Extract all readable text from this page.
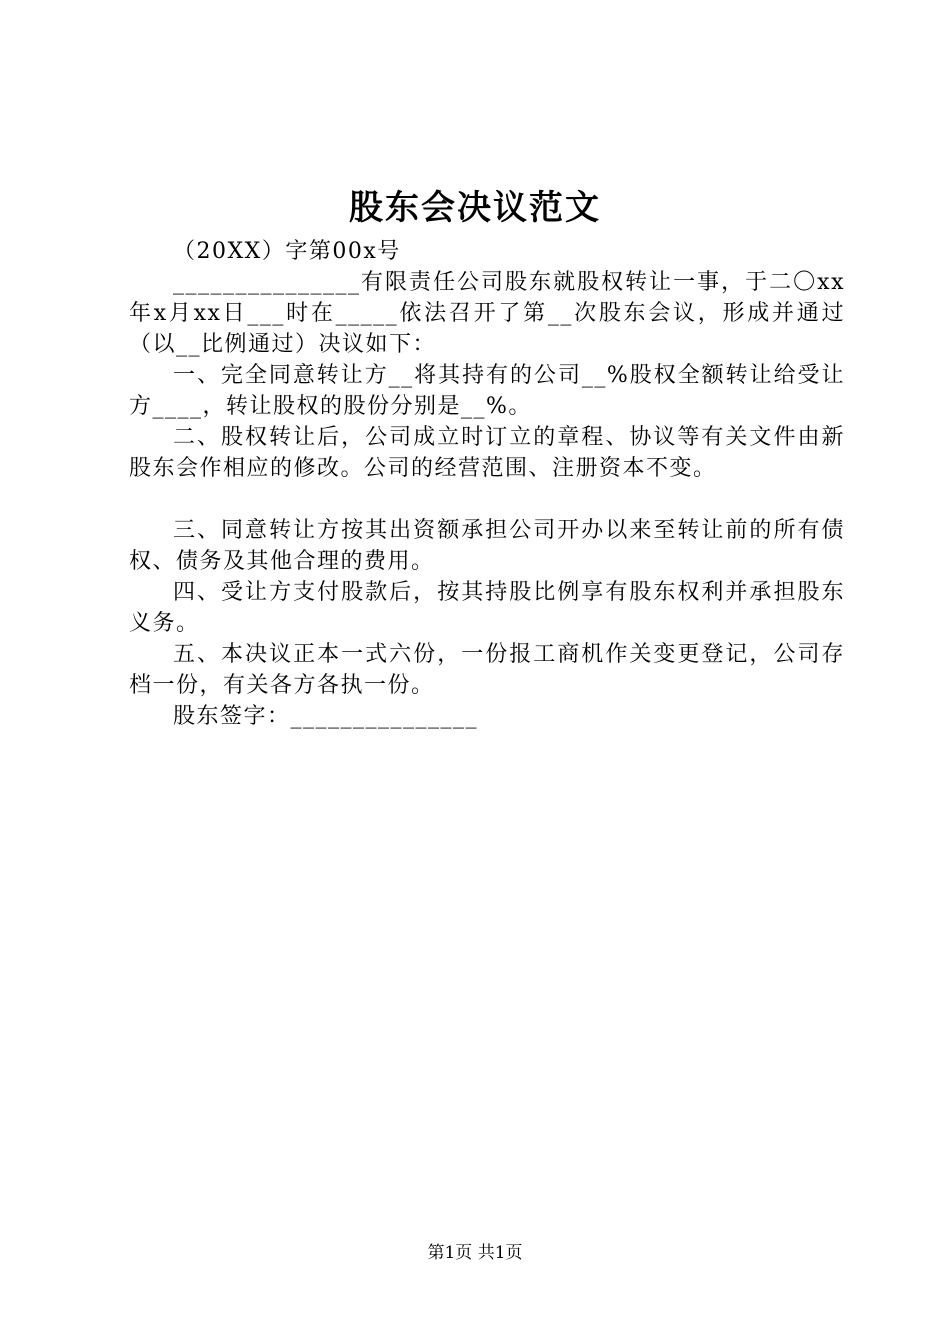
股东会决议范文

（20XX）字第00x号

_______________有限责任公司股东就股权转让一事，于二〇xx年x月xx日___时在_____依法召开了第__次股东会议，形成并通过（以__比例通过）决议如下：

一、完全同意转让方__将其持有的公司__%股权全额转让给受让方____，转让股权的股份分别是__%。

二、股权转让后，公司成立时订立的章程、协议等有关文件由新股东会作相应的修改。公司的经营范围、注册资本不变。

三、同意转让方按其出资额承担公司开办以来至转让前的所有债权、债务及其他合理的费用。

四、受让方支付股款后，按其持股比例享有股东权利并承担股东义务。

五、本决议正本一式六份，一份报工商机作关变更登记，公司存档一份，有关各方各执一份。

股东签字：_______________

第1页 共1页
